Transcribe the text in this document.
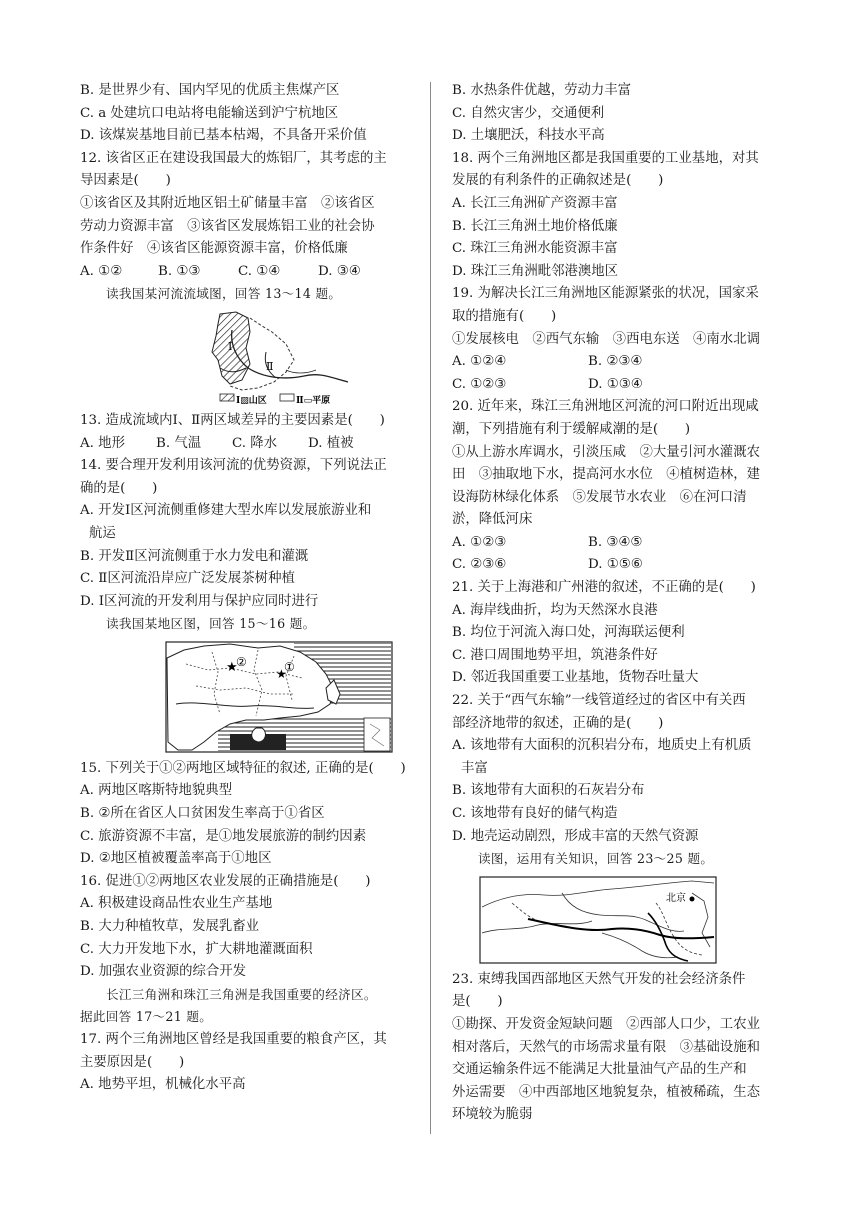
B. 是世界少有、国内罕见的优质主焦煤产区
C. a 处建坑口电站将电能输送到沪宁杭地区
D. 该煤炭基地目前已基本枯竭，不具备开采价值
12. 该省区正在建设我国最大的炼铝厂，其考虑的主
导因素是(　　)
①该省区及其附近地区铝土矿储量丰富　②该省区
劳动力资源丰富　③该省区发展炼铝工业的社会协
作条件好　④该省区能源资源丰富，价格低廉
A. ①②	B. ①③	C. ①④	D. ③④
读我国某河流流域图，回答 13～14 题。
Ⅰ
Ⅱ
Ⅰ▨山区	Ⅱ▭平原
13. 造成流域内Ⅰ、Ⅱ两区域差异的主要因素是(　　)
A. 地形 B. 气温 C. 降水 D. 植被
14. 要合理开发利用该河流的优势资源，下列说法正
确的是(　　)
A. 开发Ⅰ区河流侧重修建大型水库以发展旅游业和
航运
B. 开发Ⅱ区河流侧重于水力发电和灌溉
C. Ⅱ区河流沿岸应广泛发展茶树种植
D. Ⅰ区河流的开发利用与保护应同时进行
读我国某地区图，回答 15～16 题。
★
②
★
①
15. 下列关于①②两地区域特征的叙述, 正确的是(　　)
A. 两地区喀斯特地貌典型
B. ②所在省区人口贫困发生率高于①省区
C. 旅游资源不丰富，是①地发展旅游的制约因素
D. ②地区植被覆盖率高于①地区
16. 促进①②两地区农业发展的正确措施是(　　)
A. 积极建设商品性农业生产基地
B. 大力种植牧草，发展乳畜业
C. 大力开发地下水，扩大耕地灌溉面积
D. 加强农业资源的综合开发
长江三角洲和珠江三角洲是我国重要的经济区。
据此回答 17～21 题。
17. 两个三角洲地区曾经是我国重要的粮食产区，其
主要原因是(　　)
A. 地势平坦，机械化水平高
B. 水热条件优越，劳动力丰富
C. 自然灾害少，交通便利
D. 土壤肥沃，科技水平高
18. 两个三角洲地区都是我国重要的工业基地，对其
发展的有利条件的正确叙述是(　　)
A. 长江三角洲矿产资源丰富
B. 长江三角洲土地价格低廉
C. 珠江三角洲水能资源丰富
D. 珠江三角洲毗邻港澳地区
19. 为解决长江三角洲地区能源紧张的状况，国家采
取的措施有(　　)
①发展核电　②西气东输　③西电东送　④南水北调
A. ①②④	B. ②③④
C. ①②③	D. ①③④
20. 近年来，珠江三角洲地区河流的河口附近出现咸
潮，下列措施有利于缓解咸潮的是(　　)
①从上游水库调水，引淡压咸　②大量引河水灌溉农
田　③抽取地下水，提高河水水位　④植树造林，建
设海防林绿化体系　⑤发展节水农业　⑥在河口清
淤，降低河床
A. ①②③	B. ③④⑤
C. ②③⑥	D. ①⑤⑥
21. 关于上海港和广州港的叙述，不正确的是(　　)
A. 海岸线曲折，均为天然深水良港
B. 均位于河流入海口处，河海联运便利
C. 港口周围地势平坦，筑港条件好
D. 邻近我国重要工业基地，货物吞吐量大
22. 关于“西气东输”一线管道经过的省区中有关西
部经济地带的叙述，正确的是(　　)
A. 该地带有大面积的沉积岩分布，地质史上有机质
丰富
B. 该地带有大面积的石灰岩分布
C. 该地带有良好的储气构造
D. 地壳运动剧烈，形成丰富的天然气资源
读图，运用有关知识，回答 23～25 题。
北京
23. 束缚我国西部地区天然气开发的社会经济条件
是(　　)
①勘探、开发资金短缺问题　②西部人口少，工农业
相对落后，天然气的市场需求量有限　③基础设施和
交通运输条件远不能满足大批量油气产品的生产和
外运需要　④中西部地区地貌复杂，植被稀疏，生态
环境较为脆弱
